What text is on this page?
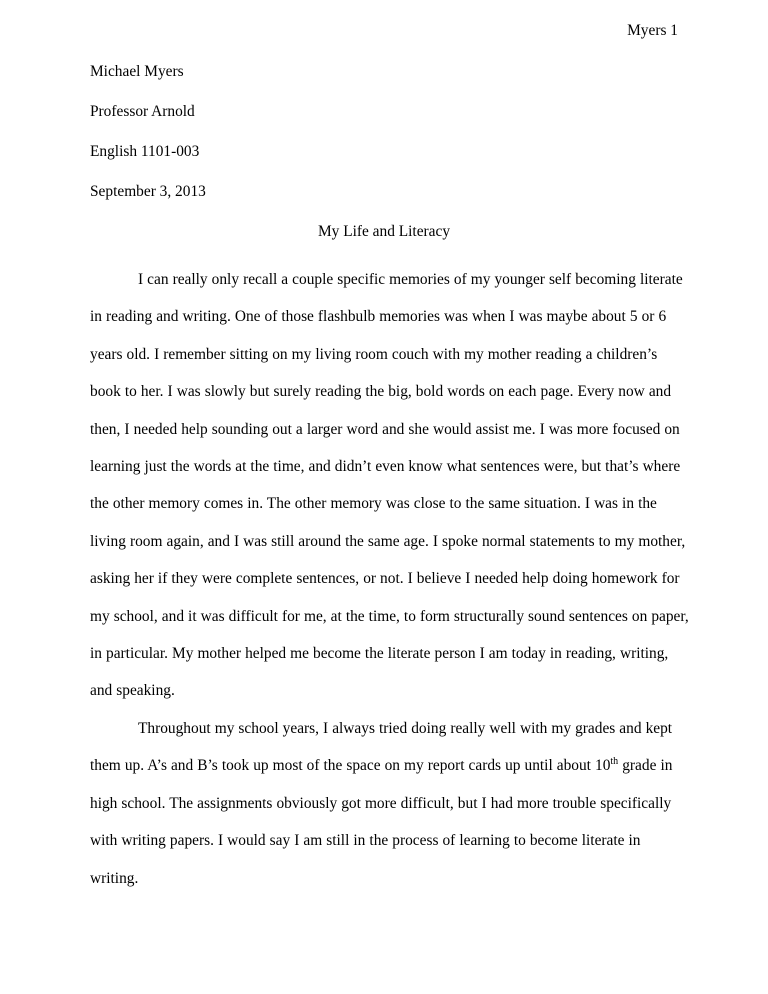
Myers 1
Michael Myers
Professor Arnold
English 1101-003
September 3, 2013
My Life and Literacy

I can really only recall a couple specific memories of my younger self becoming literate in reading and writing. One of those flashbulb memories was when I was maybe about 5 or 6 years old. I remember sitting on my living room couch with my mother reading a children’s book to her. I was slowly but surely reading the big, bold words on each page. Every now and then, I needed help sounding out a larger word and she would assist me. I was more focused on learning just the words at the time, and didn’t even know what sentences were, but that’s where the other memory comes in. The other memory was close to the same situation. I was in the living room again, and I was still around the same age. I spoke normal statements to my mother, asking her if they were complete sentences, or not. I believe I needed help doing homework for my school, and it was difficult for me, at the time, to form structurally sound sentences on paper, in particular. My mother helped me become the literate person I am today in reading, writing, and speaking.

Throughout my school years, I always tried doing really well with my grades and kept them up. A’s and B’s took up most of the space on my report cards up until about 10th grade in high school. The assignments obviously got more difficult, but I had more trouble specifically with writing papers. I would say I am still in the process of learning to become literate in writing.
